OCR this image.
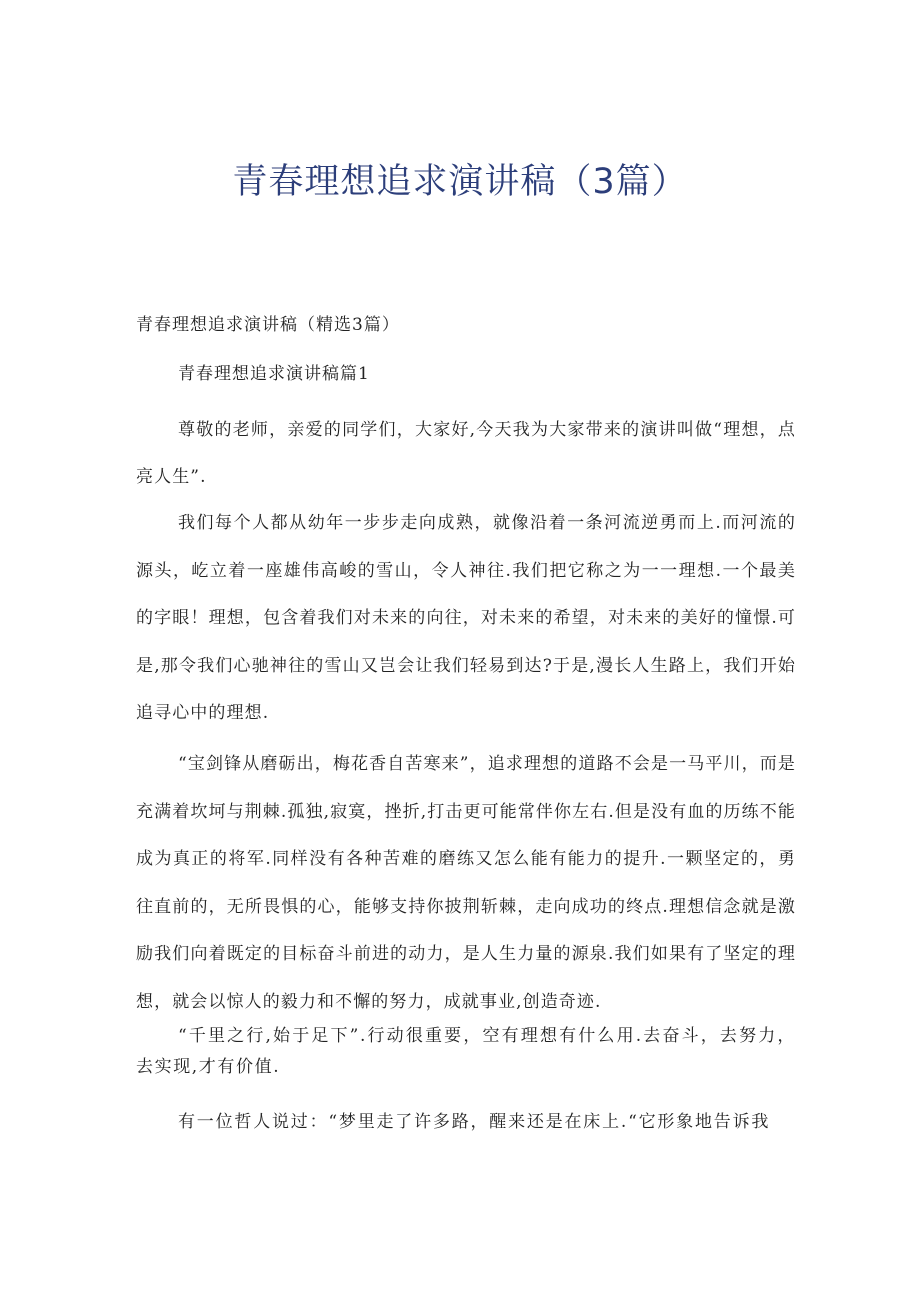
青春理想追求演讲稿（3篇）
青春理想追求演讲稿（精选3篇）
青春理想追求演讲稿篇1

尊敬的老师，亲爱的同学们，大家好,今天我为大家带来的演讲叫做“理想，点亮人生”.

我们每个人都从幼年一步步走向成熟，就像沿着一条河流逆勇而上.而河流的源头，屹立着一座雄伟高峻的雪山，令人神往.我们把它称之为一一理想.一个最美的字眼！理想，包含着我们对未来的向往，对未来的希望，对未来的美好的憧憬.可是,那令我们心驰神往的雪山又岂会让我们轻易到达?于是,漫长人生路上，我们开始追寻心中的理想.

“宝剑锋从磨砺出，梅花香自苦寒来”，追求理想的道路不会是一马平川，而是充满着坎坷与荆棘.孤独,寂寞，挫折,打击更可能常伴你左右.但是没有血的历练不能成为真正的将军.同样没有各种苦难的磨练又怎么能有能力的提升.一颗坚定的，勇往直前的，无所畏惧的心，能够支持你披荆斩棘，走向成功的终点.理想信念就是激励我们向着既定的目标奋斗前进的动力，是人生力量的源泉.我们如果有了坚定的理想，就会以惊人的毅力和不懈的努力，成就事业,创造奇迹.

“千里之行,始于足下”.行动很重要，空有理想有什么用.去奋斗，去努力，去实现,才有价值.

有一位哲人说过：“梦里走了许多路，醒来还是在床上.“它形象地告诉我
